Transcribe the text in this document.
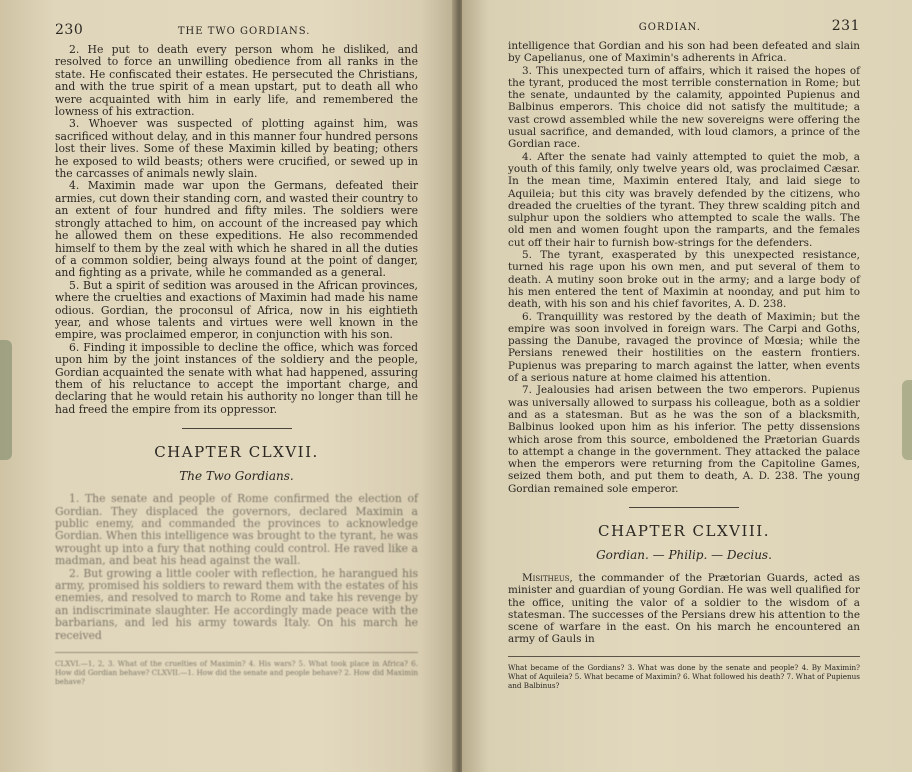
230	THE TWO GORDIANS.

2. He put to death every person whom he disliked, and resolved to force an unwilling obedience from all ranks in the state. He confiscated their estates. He persecuted the Christians, and with the true spirit of a mean upstart, put to death all who were acquainted with him in early life, and remembered the lowness of his extraction.

3. Whoever was suspected of plotting against him, was sacrificed without delay, and in this manner four hundred persons lost their lives. Some of these Maximin killed by beating; others he exposed to wild beasts; others were crucified, or sewed up in the carcasses of animals newly slain.

4. Maximin made war upon the Germans, defeated their armies, cut down their standing corn, and wasted their country to an extent of four hundred and fifty miles. The soldiers were strongly attached to him, on account of the increased pay which he allowed them on these expeditions. He also recommended himself to them by the zeal with which he shared in all the duties of a common soldier, being always found at the point of danger, and fighting as a private, while he commanded as a general.

5. But a spirit of sedition was aroused in the African provinces, where the cruelties and exactions of Maximin had made his name odious. Gordian, the proconsul of Africa, now in his eightieth year, and whose talents and virtues were well known in the empire, was proclaimed emperor, in conjunction with his son.

6. Finding it impossible to decline the office, which was forced upon him by the joint instances of the soldiery and the people, Gordian acquainted the senate with what had happened, assuring them of his reluctance to accept the important charge, and declaring that he would retain his authority no longer than till he had freed the empire from its oppressor.

CHAPTER CLXVII.
The Two Gordians.

1. The senate and people of Rome confirmed the election of Gordian. They displaced the governors, declared Maximin a public enemy, and commanded the provinces to acknowledge Gordian. When this intelligence was brought to the tyrant, he was wrought up into a fury that nothing could control. He raved like a madman, and beat his head against the wall.

2. But growing a little cooler with reflection, he harangued his army, promised his soldiers to reward them with the estates of his enemies, and resolved to march to Rome and take his revenge by an indiscriminate slaughter. He accordingly made peace with the barbarians, and led his army towards Italy. On his march he received

CLXVI.—1, 2, 3. What of the cruelties of Maximin? 4. His wars? 5. What took place in Africa? 6. How did Gordian behave? CLXVII.—1. How did the senate and people behave? 2. How did Maximin behave?
GORDIAN.	231

intelligence that Gordian and his son had been defeated and slain by Capelianus, one of Maximin's adherents in Africa.

3. This unexpected turn of affairs, which it raised the hopes of the tyrant, produced the most terrible consternation in Rome; but the senate, undaunted by the calamity, appointed Pupienus and Balbinus emperors. This choice did not satisfy the multitude; a vast crowd assembled while the new sovereigns were offering the usual sacrifice, and demanded, with loud clamors, a prince of the Gordian race.

4. After the senate had vainly attempted to quiet the mob, a youth of this family, only twelve years old, was proclaimed Cæsar. In the mean time, Maximin entered Italy, and laid siege to Aquileia; but this city was bravely defended by the citizens, who dreaded the cruelties of the tyrant. They threw scalding pitch and sulphur upon the soldiers who attempted to scale the walls. The old men and women fought upon the ramparts, and the females cut off their hair to furnish bow-strings for the defenders.

5. The tyrant, exasperated by this unexpected resistance, turned his rage upon his own men, and put several of them to death. A mutiny soon broke out in the army; and a large body of his men entered the tent of Maximin at noonday, and put him to death, with his son and his chief favorites, A. D. 238.

6. Tranquillity was restored by the death of Maximin; but the empire was soon involved in foreign wars. The Carpi and Goths, passing the Danube, ravaged the province of Mœsia; while the Persians renewed their hostilities on the eastern frontiers. Pupienus was preparing to march against the latter, when events of a serious nature at home claimed his attention.

7. Jealousies had arisen between the two emperors. Pupienus was universally allowed to surpass his colleague, both as a soldier and as a statesman. But as he was the son of a blacksmith, Balbinus looked upon him as his inferior. The petty dissensions which arose from this source, emboldened the Prætorian Guards to attempt a change in the government. They attacked the palace when the emperors were returning from the Capitoline Games, seized them both, and put them to death, A. D. 238. The young Gordian remained sole emperor.

CHAPTER CLXVIII.
Gordian. — Philip. — Decius.

Misitheus, the commander of the Prætorian Guards, acted as minister and guardian of young Gordian. He was well qualified for the office, uniting the valor of a soldier to the wisdom of a statesman. The successes of the Persians drew his attention to the scene of warfare in the east. On his march he encountered an army of Gauls in

What became of the Gordians? 3. What was done by the senate and people? 4. By Maximin? What of Aquileia? 5. What became of Maximin? 6. What followed his death? 7. What of Pupienus and Balbinus?
